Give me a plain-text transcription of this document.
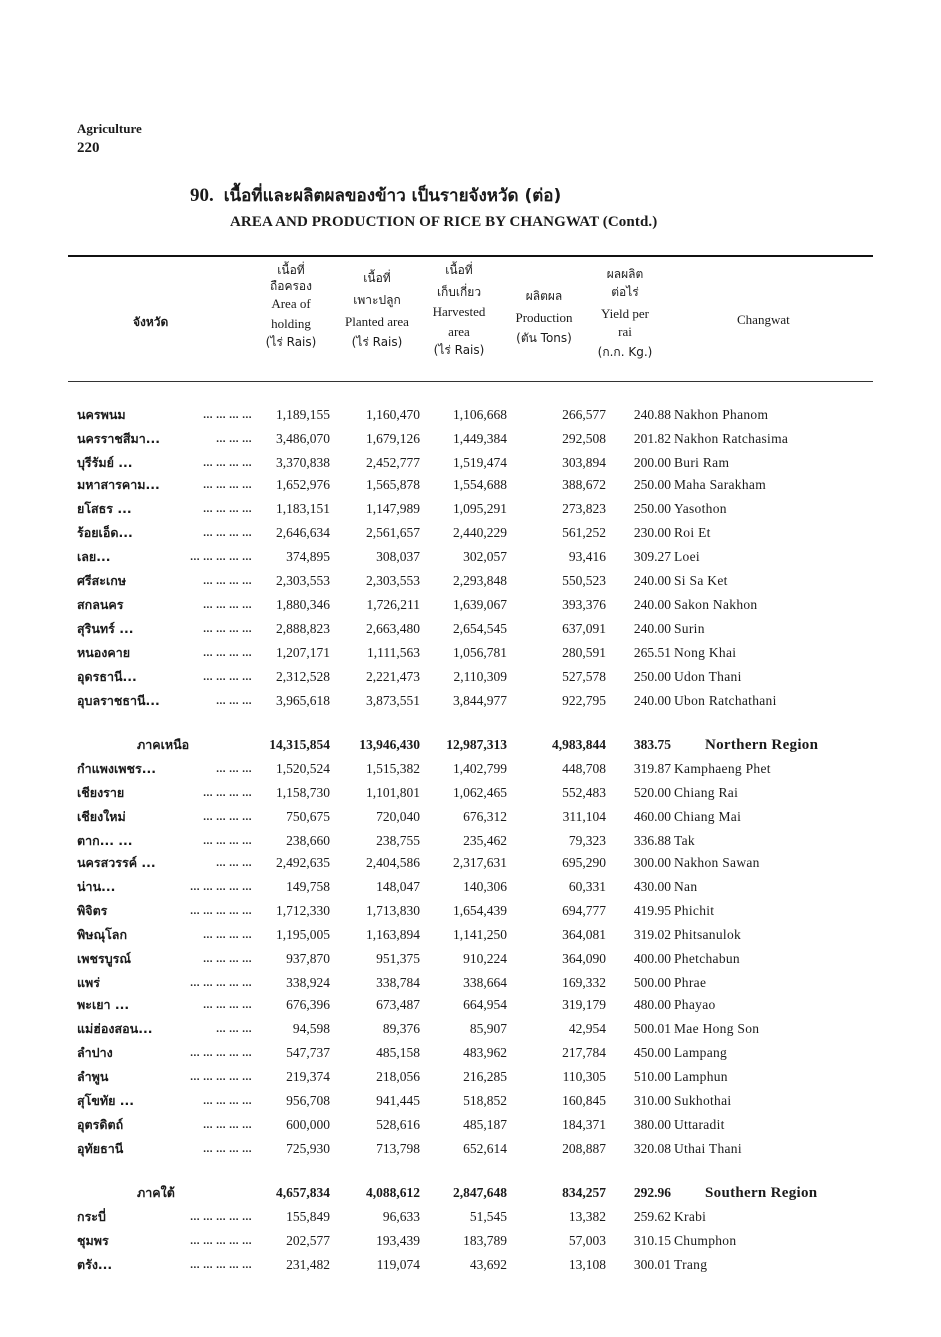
Agriculture
220
90. เนื้อที่และผลิตผลของข้าว เป็นรายจังหวัด (ต่อ)
AREA AND PRODUCTION OF RICE BY CHANGWAT (Contd.)
จังหวัด
เนื้อที่
ถือครอง
Area of
holding
(ไร่ Rais)
เนื้อที่
เพาะปลูก
Planted area
(ไร่ Rais)
เนื้อที่
เก็บเกี่ยว
Harvested
area
(ไร่ Rais)
ผลิตผล
Production
(ตัน Tons)
ผลผลิต
ต่อไร่
Yield per
rai
(ก.ก. Kg.)
Changwat
นครพนม	... ... ... ... 1,189,155	1,160,470 1,106,668	266,577 240.88 Nakhon Phanom
นครราชสีมา...	... ... ... 3,486,070	1,679,126 1,449,384	292,508 201.82 Nakhon Ratchasima
บุรีรัมย์ ...	... ... ... ... 3,370,838	2,452,777 1,519,474	303,894 200.00 Buri Ram
มหาสารคาม...	... ... ... ... 1,652,976	1,565,878 1,554,688	388,672 250.00 Maha Sarakham
ยโสธร ...	... ... ... ... 1,183,151	1,147,989 1,095,291	273,823 250.00 Yasothon
ร้อยเอ็ด...	... ... ... ... 2,646,634	2,561,657 2,440,229	561,252 230.00 Roi Et
เลย...	... ... ... ... ...	374,895	308,037	302,057	93,416 309.27 Loei
ศรีสะเกษ	... ... ... ... 2,303,553	2,303,553 2,293,848	550,523 240.00 Si Sa Ket
สกลนคร	... ... ... ... 1,880,346	1,726,211 1,639,067	393,376 240.00 Sakon Nakhon
สุรินทร์ ...	... ... ... ... 2,888,823	2,663,480 2,654,545	637,091 240.00 Surin
หนองคาย	... ... ... ... 1,207,171	1,111,563 1,056,781	280,591 265.51 Nong Khai
อุดรธานี...	... ... ... ... 2,312,528	2,221,473 2,110,309	527,578 250.00 Udon Thani
อุบลราชธานี...	... ... ... 3,965,618	3,873,551 3,844,977	922,795 240.00 Ubon Ratchathani
ภาคเหนือ	14,315,854 13,946,430 12,987,313	4,983,844 383.75 Northern Region
กำแพงเพชร...	... ... ... 1,520,524	1,515,382 1,402,799	448,708 319.87 Kamphaeng Phet
เชียงราย	... ... ... ... 1,158,730	1,101,801 1,062,465	552,483 520.00 Chiang Rai
เชียงใหม่	... ... ... ...	750,675	720,040	676,312	311,104 460.00 Chiang Mai
ตาก... ...	... ... ... ...	238,660	238,755	235,462	79,323 336.88 Tak
นครสวรรค์ ...	... ... ... 2,492,635	2,404,586 2,317,631	695,290 300.00 Nakhon Sawan
น่าน...	... ... ... ... ...	149,758	148,047	140,306	60,331 430.00 Nan
พิจิตร	... ... ... ... ... 1,712,330	1,713,830 1,654,439	694,777 419.95 Phichit
พิษณุโลก	... ... ... ... 1,195,005	1,163,894 1,141,250	364,081 319.02 Phitsanulok
เพชรบูรณ์	... ... ... ...	937,870	951,375	910,224	364,090 400.00 Phetchabun
แพร่	... ... ... ... ...	338,924	338,784	338,664	169,332 500.00 Phrae
พะเยา ...	... ... ... ...	676,396	673,487	664,954	319,179 480.00 Phayao
แม่ฮ่องสอน...	... ... ...	94,598	89,376	85,907	42,954 500.01 Mae Hong Son
ลำปาง	... ... ... ... ...	547,737	485,158	483,962	217,784 450.00 Lampang
ลำพูน	... ... ... ... ...	219,374	218,056	216,285	110,305 510.00 Lamphun
สุโขทัย ...	... ... ... ...	956,708	941,445	518,852	160,845 310.00 Sukhothai
อุตรดิตถ์	... ... ... ...	600,000	528,616	485,187	184,371 380.00 Uttaradit
อุทัยธานี	... ... ... ...	725,930	713,798	652,614	208,887 320.08 Uthai Thani
ภาคใต้	4,657,834	4,088,612 2,847,648	834,257 292.96 Southern Region
กระบี่	... ... ... ... ...	155,849	96,633	51,545	13,382 259.62 Krabi
ชุมพร	... ... ... ... ...	202,577	193,439	183,789	57,003 310.15 Chumphon
ตรัง...	... ... ... ... ...	231,482	119,074	43,692	13,108 300.01 Trang
